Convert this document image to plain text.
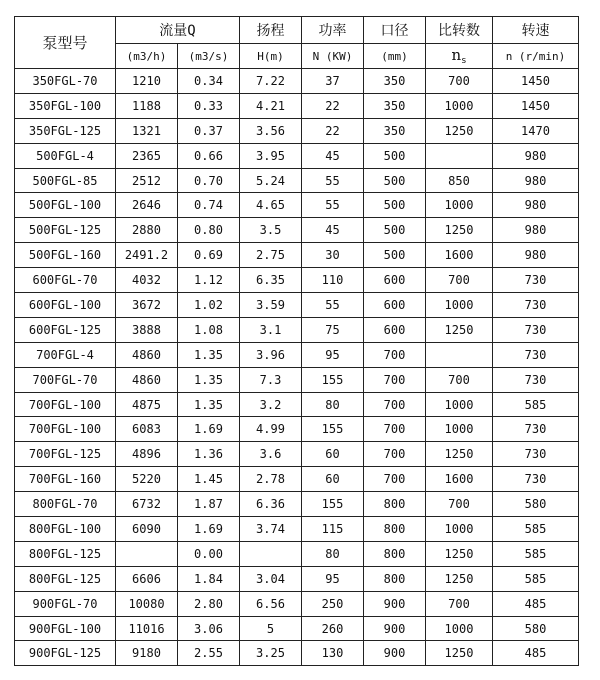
泵型号	流量Q		扬程	功率	口径	比转数	转速
	(m3/h)	(m3/s)	H(m)	N (KW)	(mm)	$n_s$	n (r/min)
350FGL-70	1210	0.34	7.22	37	350	700	1450
350FGL-100	1188	0.33	4.21	22	350	1000	1450
350FGL-125	1321	0.37	3.56	22	350	1250	1470
500FGL-4	2365	0.66	3.95	45	500		980
500FGL-85	2512	0.70	5.24	55	500	850	980
500FGL-100	2646	0.74	4.65	55	500	1000	980
500FGL-125	2880	0.80	3.5	45	500	1250	980
500FGL-160	2491.2	0.69	2.75	30	500	1600	980
600FGL-70	4032	1.12	6.35	110	600	700	730
600FGL-100	3672	1.02	3.59	55	600	1000	730
600FGL-125	3888	1.08	3.1	75	600	1250	730
700FGL-4	4860	1.35	3.96	95	700		730
700FGL-70	4860	1.35	7.3	155	700	700	730
700FGL-100	4875	1.35	3.2	80	700	1000	585
700FGL-100	6083	1.69	4.99	155	700	1000	730
700FGL-125	4896	1.36	3.6	60	700	1250	730
700FGL-160	5220	1.45	2.78	60	700	1600	730
800FGL-70	6732	1.87	6.36	155	800	700	580
800FGL-100	6090	1.69	3.74	115	800	1000	585
800FGL-125		0.00		80	800	1250	585
800FGL-125	6606	1.84	3.04	95	800	1250	585
900FGL-70	10080	2.80	6.56	250	900	700	485
900FGL-100	11016	3.06	5	260	900	1000	580
900FGL-125	9180	2.55	3.25	130	900	1250	485
